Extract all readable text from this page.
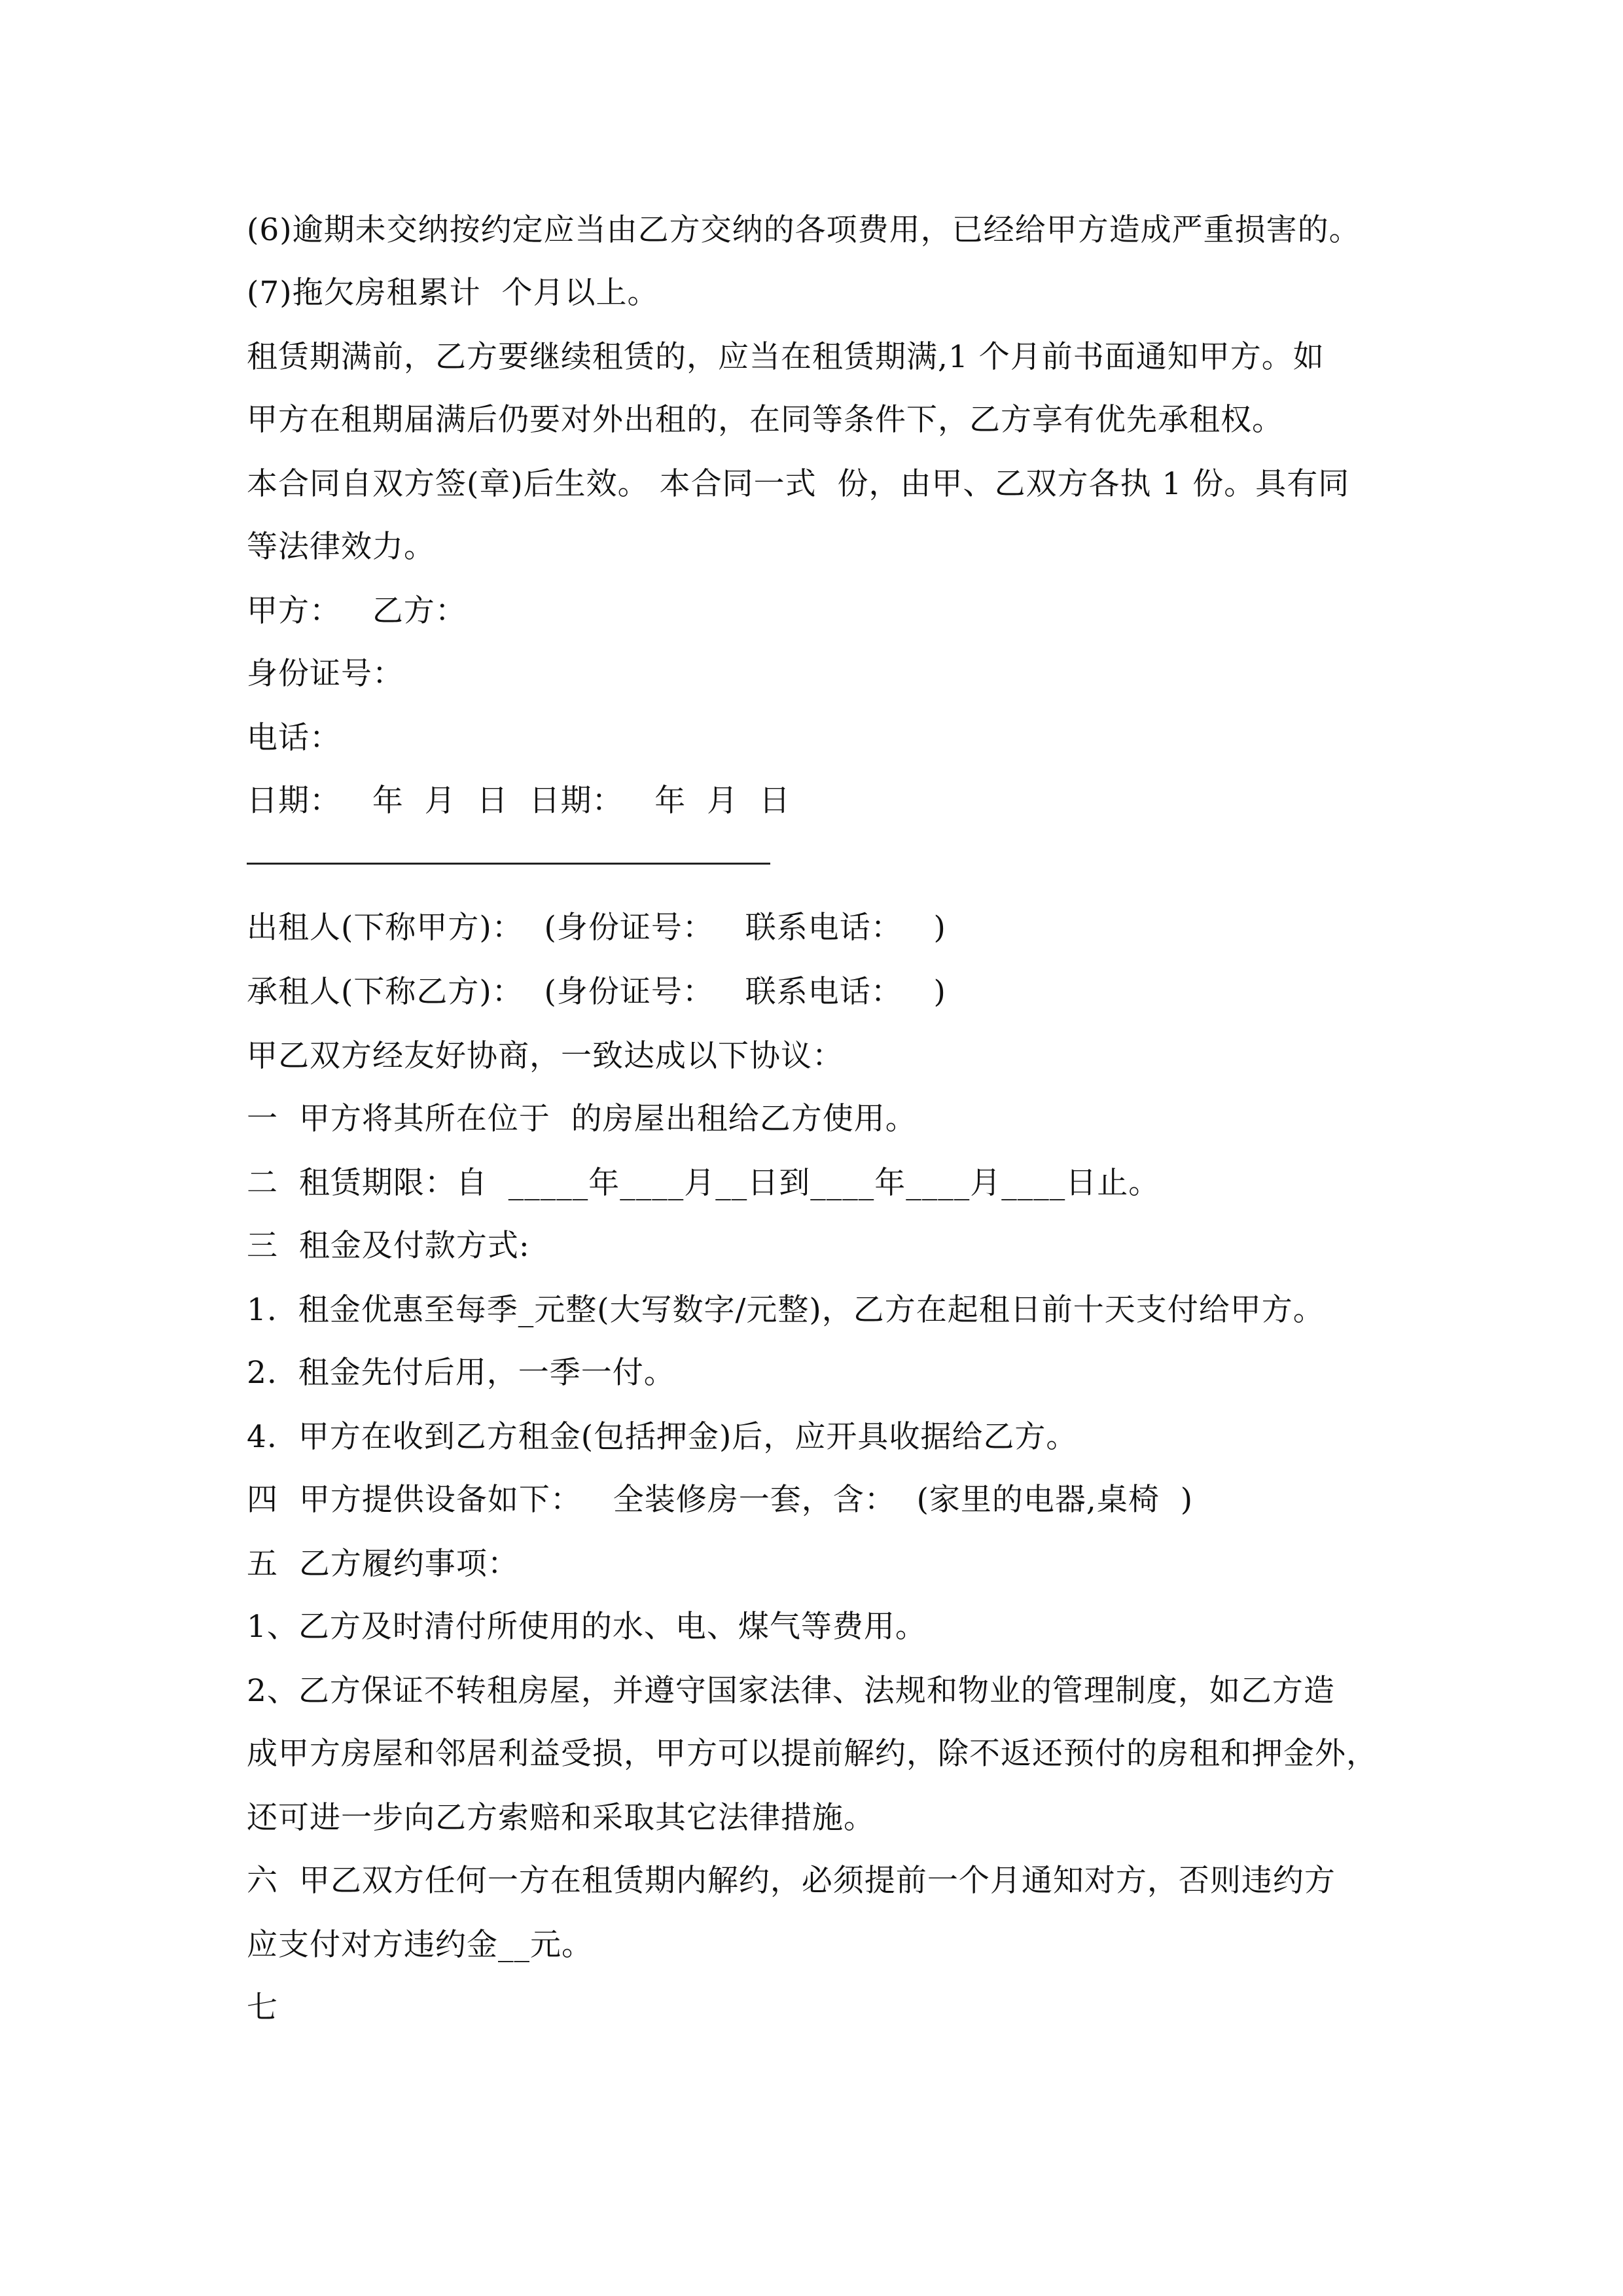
(6)逾期未交纳按约定应当由乙方交纳的各项费用，已经给甲方造成严重损害的。
(7)拖欠房租累计  个月以上。
租赁期满前，乙方要继续租赁的，应当在租赁期满,1 个月前书面通知甲方。如
甲方在租期届满后仍要对外出租的，在同等条件下，乙方享有优先承租权。
本合同自双方签(章)后生效。 本合同一式  份，由甲、乙双方各执 1 份。具有同
等法律效力。
甲方：   乙方：
身份证号：
电话：
日期：   年  月  日  日期：   年  月  日
出租人(下称甲方)：  (身份证号：   联系电话：   )
承租人(下称乙方)：  (身份证号：   联系电话：   )
甲乙双方经友好协商，一致达成以下协议：
一  甲方将其所在位于  的房屋出租给乙方使用。
二  租赁期限：自  _____年____月__日到____年____月____日止。
三  租金及付款方式:
1.  租金优惠至每季_元整(大写数字/元整)，乙方在起租日前十天支付给甲方。
2.  租金先付后用，一季一付。
4.  甲方在收到乙方租金(包括押金)后，应开具收据给乙方。
四  甲方提供设备如下：   全装修房一套，含：  (家里的电器,桌椅  )
五  乙方履约事项：
1、乙方及时清付所使用的水、电、煤气等费用。
2、乙方保证不转租房屋，并遵守国家法律、法规和物业的管理制度，如乙方造
成甲方房屋和邻居利益受损，甲方可以提前解约，除不返还预付的房租和押金外，
还可进一步向乙方索赔和采取其它法律措施。
六  甲乙双方任何一方在租赁期内解约，必须提前一个月通知对方，否则违约方
应支付对方违约金__元。
七
